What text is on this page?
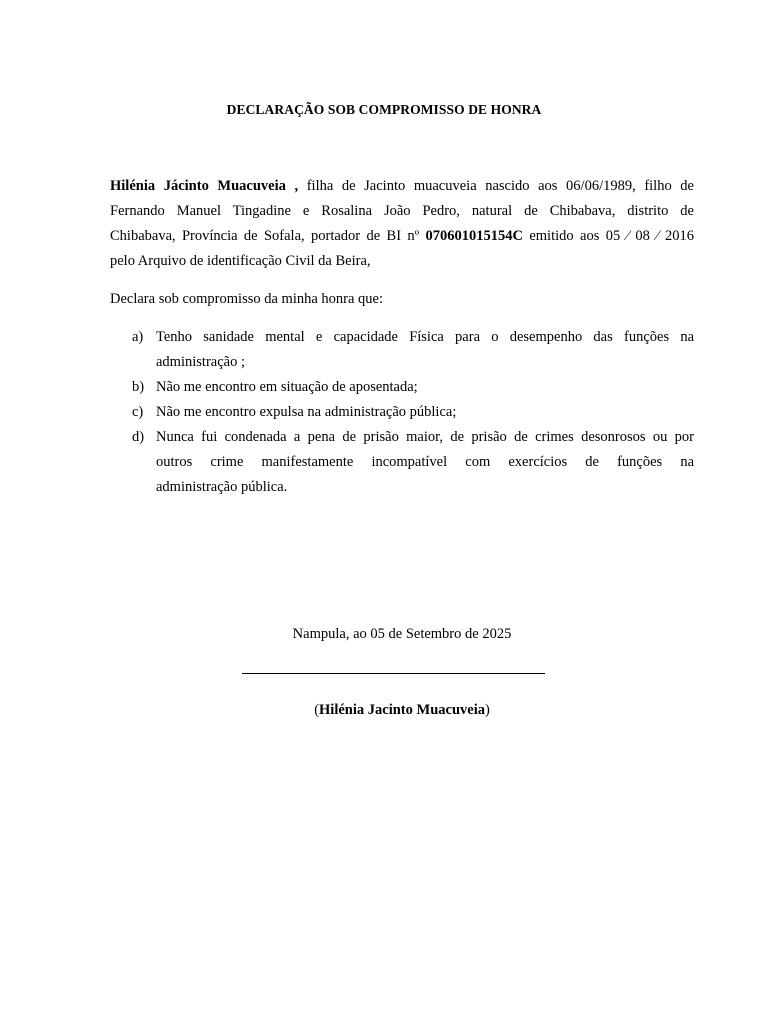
DECLARAÇÃO SOB COMPROMISSO DE HONRA
Hilénia Jácinto Muacuveia , filha de Jacinto muacuveia nascido aos 06/06/1989, filho de
Fernando Manuel Tingadine e Rosalina João Pedro, natural de Chibabava, distrito de
Chibabava, Província de Sofala, portador de BI nº 070601015154C emitido aos 05 ⁄ 08 ⁄ 2016
pelo Arquivo de identificação Civil da Beira,
Declara sob compromisso da minha honra que:
a) Tenho sanidade mental e capacidade Física para o desempenho das funções na
administração ;
b) Não me encontro em situação de aposentada;
c) Não me encontro expulsa na administração pública;
d) Nunca fui condenada a pena de prisão maior, de prisão de crimes desonrosos ou por
outros crime manifestamente incompatível com exercícios de funções na
administração pública.
Nampula, ao 05 de Setembro de 2025
(Hilénia Jacinto Muacuveia)
